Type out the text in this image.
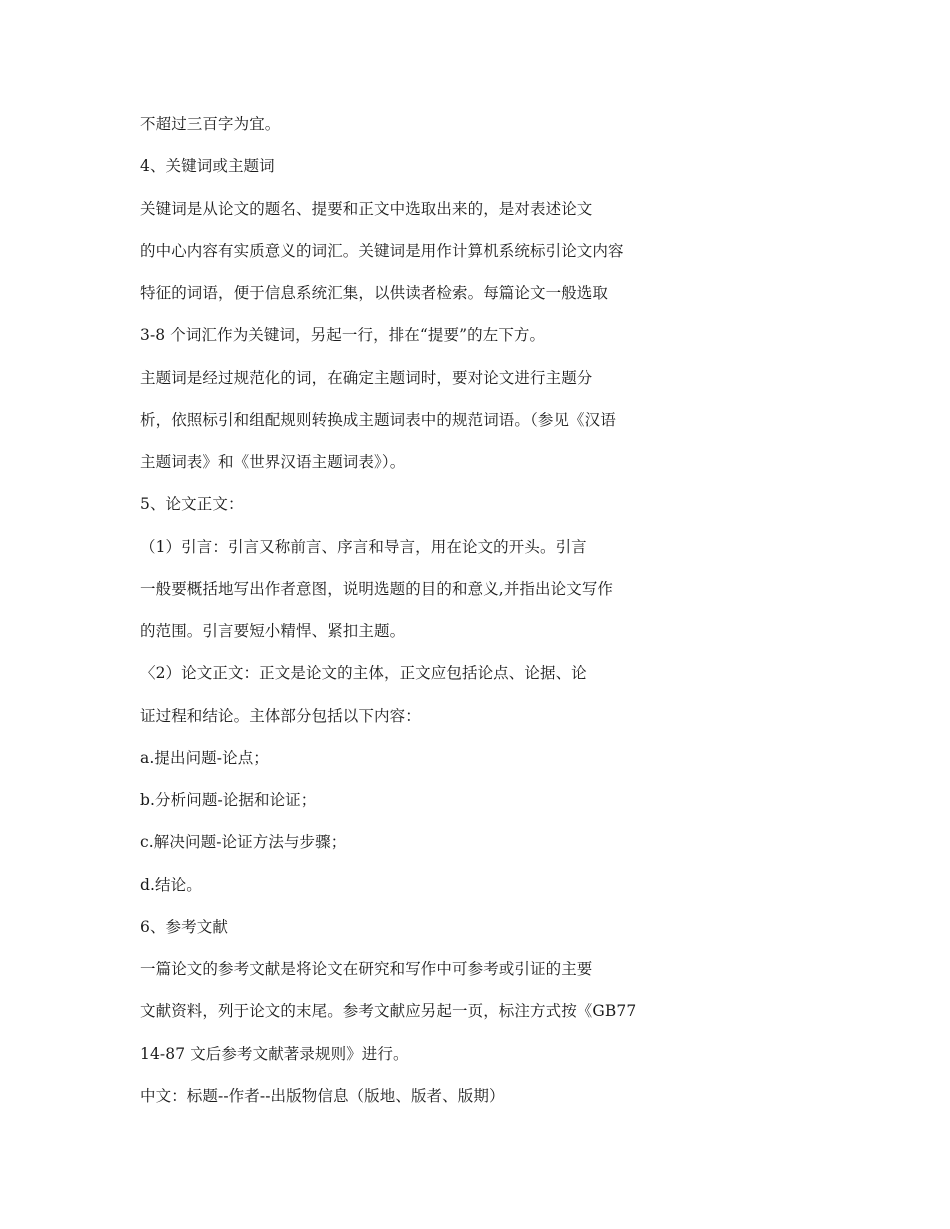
不超过三百字为宜。
4、关键词或主题词
关键词是从论文的题名、提要和正文中选取出来的，是对表述论文
的中心内容有实质意义的词汇。关键词是用作计算机系统标引论文内容
特征的词语，便于信息系统汇集，以供读者检索。每篇论文一般选取
3-8 个词汇作为关键词，另起一行，排在“提要”的左下方。
主题词是经过规范化的词，在确定主题词时，要对论文进行主题分
析，依照标引和组配规则转换成主题词表中的规范词语。（参见《汉语
主题词表》和《世界汉语主题词表》）。
5、论文正文：
（1）引言：引言又称前言、序言和导言，用在论文的开头。引言
一般要概括地写出作者意图，说明选题的目的和意义,并指出论文写作
的范围。引言要短小精悍、紧扣主题。
〈2）论文正文：正文是论文的主体，正文应包括论点、论据、论
证过程和结论。主体部分包括以下内容：
a.提出问题-论点；
b.分析问题-论据和论证；
c.解决问题-论证方法与步骤；
d.结论。
6、参考文献
一篇论文的参考文献是将论文在研究和写作中可参考或引证的主要
文献资料，列于论文的末尾。参考文献应另起一页，标注方式按《GB77
14-87 文后参考文献著录规则》进行。
中文：标题--作者--出版物信息（版地、版者、版期）
